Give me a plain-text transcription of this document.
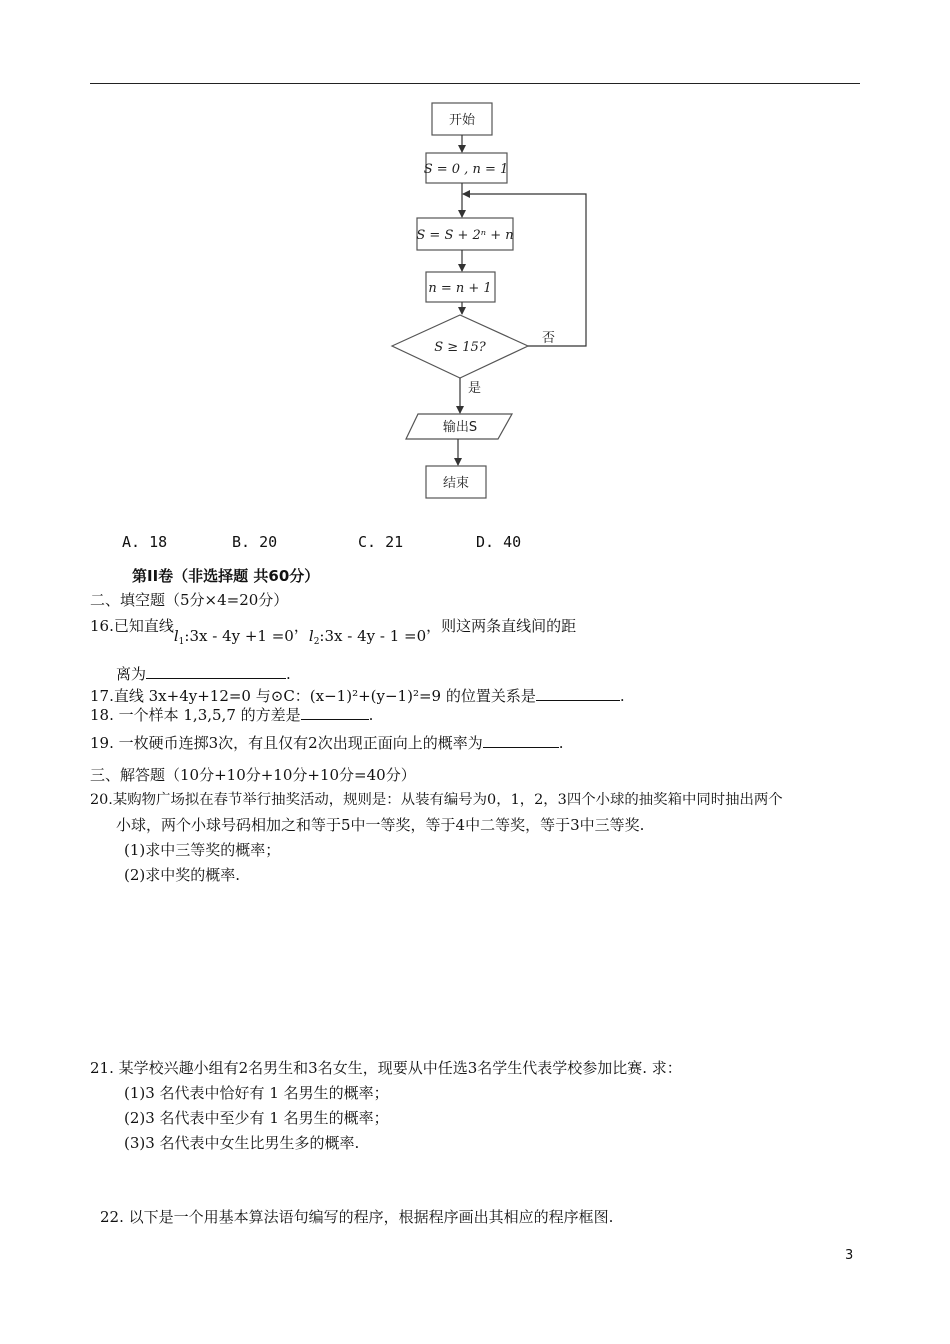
开始
S = 0 , n = 1
S = S + 2ⁿ + n
n = n + 1
S ≥ 15?
否
是
输出S
结束
A. 18	B. 20	C. 21	D. 40
第II卷（非选择题 共60分）
二、填空题（5分×4=20分）
16.已知直线$l_1:3x - 4y +1 =0$，$l_2:3x - 4y - 1 =0$，则这两条直线间的距
离为	.
17.直线 3x+4y+12=0 与⊙C：(x−1)²+(y−1)²=9 的位置关系是	.
18. 一个样本 1,3,5,7 的方差是	.
19. 一枚硬币连掷3次，有且仅有2次出现正面向上的概率为	.
三、解答题（10分+10分+10分+10分=40分）
20.某购物广场拟在春节举行抽奖活动，规则是：从装有编号为0，1，2，3四个小球的抽奖箱中同时抽出两个
小球，两个小球号码相加之和等于5中一等奖，等于4中二等奖，等于3中三等奖.
(1)求中三等奖的概率；
(2)求中奖的概率.
21. 某学校兴趣小组有2名男生和3名女生，现要从中任选3名学生代表学校参加比赛. 求：
(1)3 名代表中恰好有 1 名男生的概率；
(2)3 名代表中至少有 1 名男生的概率；
(3)3 名代表中女生比男生多的概率.
22. 以下是一个用基本算法语句编写的程序，根据程序画出其相应的程序框图.
3
